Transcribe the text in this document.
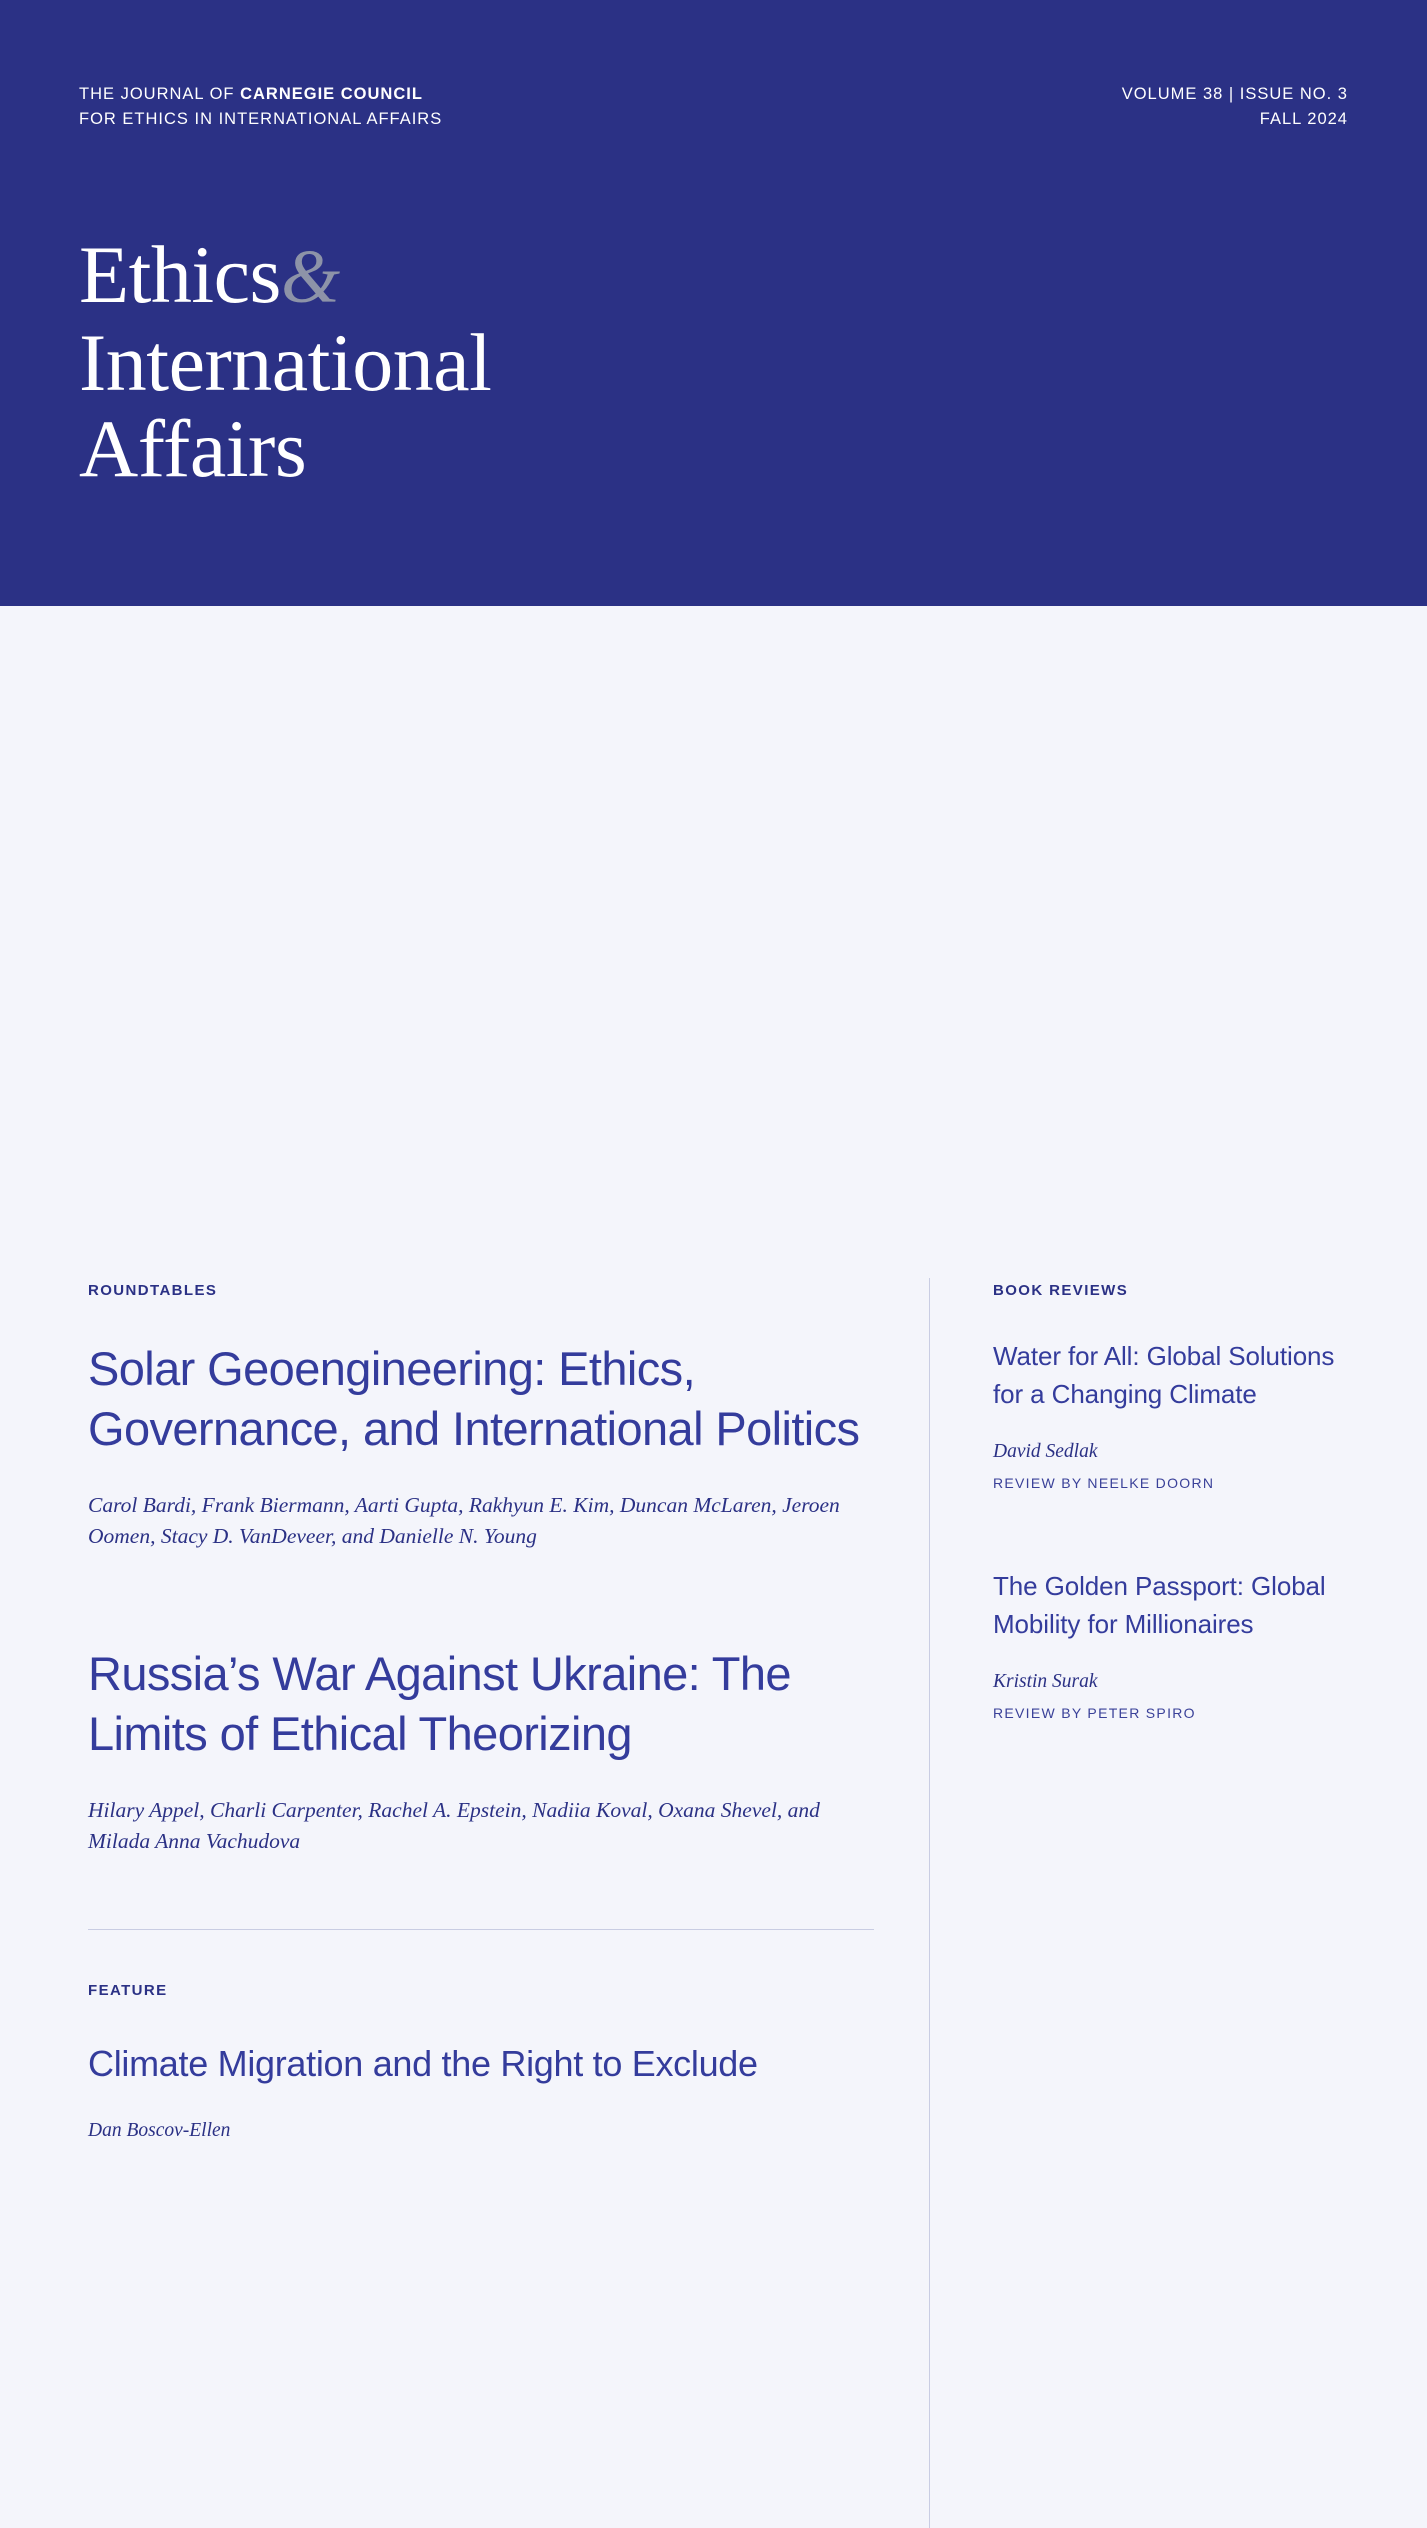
THE JOURNAL OF CARNEGIE COUNCIL
FOR ETHICS IN INTERNATIONAL AFFAIRS
VOLUME 38 | ISSUE NO. 3
FALL 2024
Ethics&
International
Affairs
ROUNDTABLES
Solar Geoengineering: Ethics, Governance, and International Politics
Carol Bardi, Frank Biermann, Aarti Gupta, Rakhyun E. Kim, Duncan McLaren, Jeroen Oomen, Stacy D. VanDeveer, and Danielle N. Young
Russia’s War Against Ukraine: The Limits of Ethical Theorizing
Hilary Appel, Charli Carpenter, Rachel A. Epstein, Nadiia Koval, Oxana Shevel, and Milada Anna Vachudova
FEATURE
Climate Migration and the Right to Exclude
Dan Boscov-Ellen
BOOK REVIEWS
Water for All: Global Solutions for a Changing Climate
David Sedlak
REVIEW BY NEELKE DOORN
The Golden Passport: Global Mobility for Millionaires
Kristin Surak
REVIEW BY PETER SPIRO
